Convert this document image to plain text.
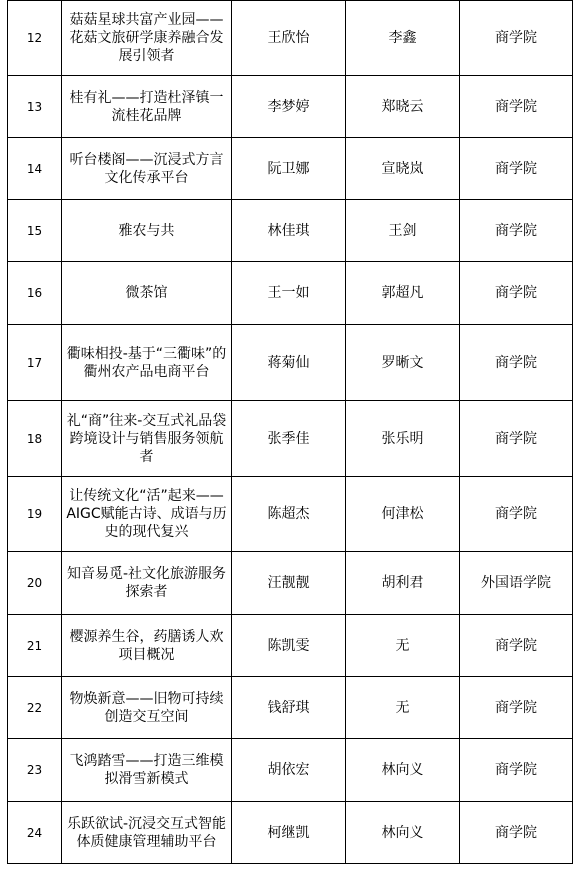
12	菇菇星球共富产业园——花菇文旅研学康养融合发展引领者	王欣怡	李鑫	商学院
13	桂有礼——打造杜泽镇一流桂花品牌	李梦婷	郑晓云	商学院
14	听台楼阁——沉浸式方言文化传承平台	阮卫娜	宣晓岚	商学院
15	雅农与共	林佳琪	王剑	商学院
16	微茶馆	王一如	郭超凡	商学院
17	衢味相投-基于“三衢味”的衢州农产品电商平台	蒋菊仙	罗晰文	商学院
18	礼“商”往来-交互式礼品袋跨境设计与销售服务领航者	张季佳	张乐明	商学院
19	让传统文化“活”起来——AIGC赋能古诗、成语与历史的现代复兴	陈超杰	何津松	商学院
20	知音易觅-社文化旅游服务探索者	汪靓靓	胡利君	外国语学院
21	樱源养生谷，药膳诱人欢项目概况	陈凯雯	无	商学院
22	物焕新意——旧物可持续创造交互空间	钱舒琪	无	商学院
23	飞鸿踏雪——打造三维模拟滑雪新模式	胡依宏	林向义	商学院
24	乐跃欲试-沉浸交互式智能体质健康管理辅助平台	柯继凯	林向义	商学院
